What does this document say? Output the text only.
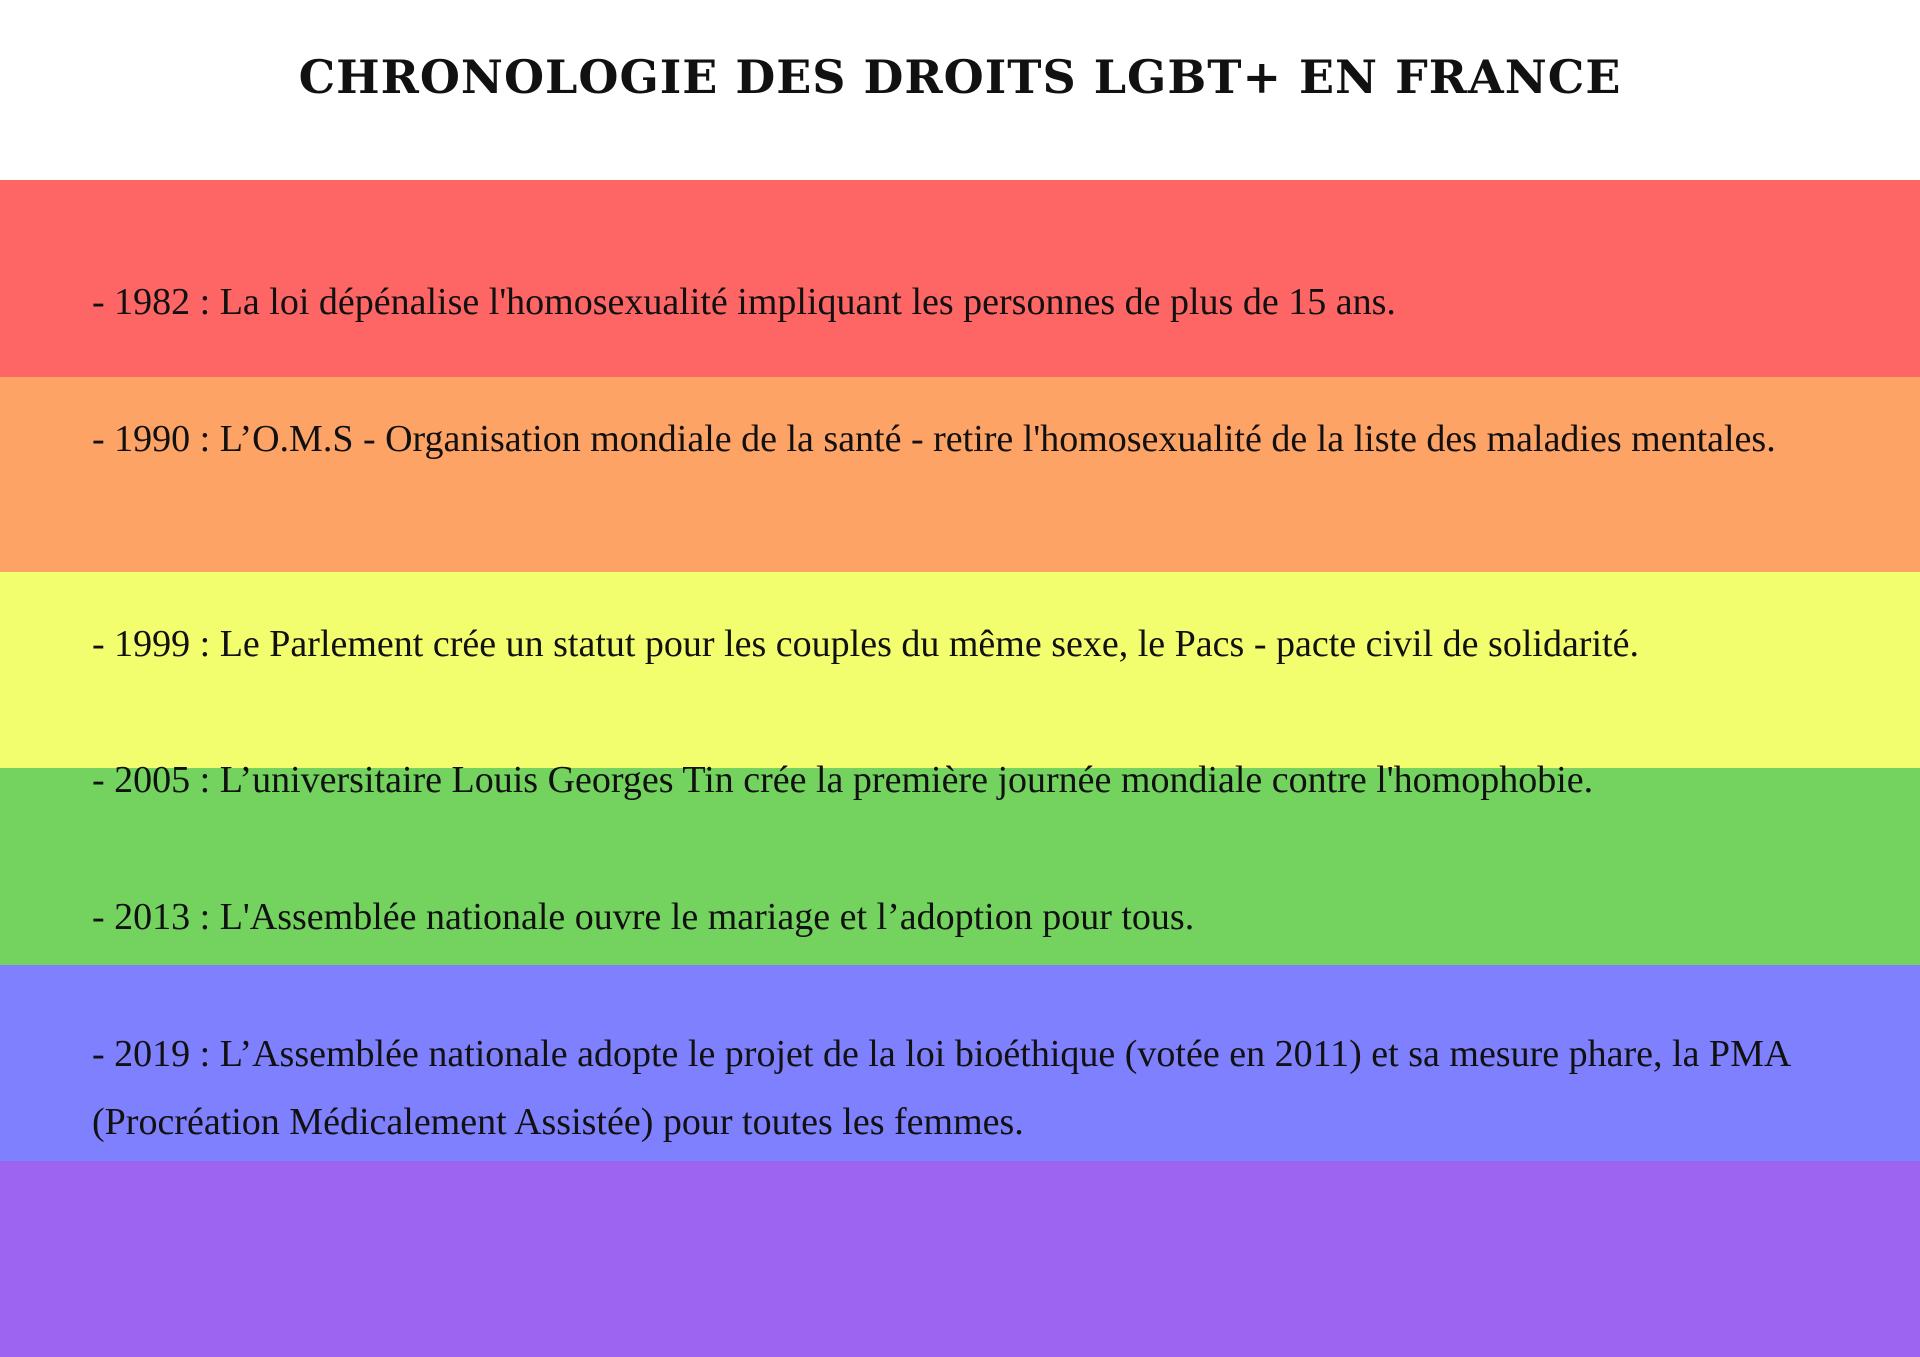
CHRONOLOGIE DES DROITS LGBT+ EN FRANCE
- 1982 : La loi dépénalise l'homosexualité impliquant les personnes de plus de 15 ans.
- 1990 : L’O.M.S - Organisation mondiale de la santé - retire l'homosexualité de la liste des maladies mentales.
- 1999 : Le Parlement crée un statut pour les couples du même sexe, le Pacs - pacte civil de solidarité.
- 2005 : L’universitaire Louis Georges Tin crée la première journée mondiale contre l'homophobie.
- 2013 : L'Assemblée nationale ouvre le mariage et l’adoption pour tous.
- 2019 : L’Assemblée nationale adopte le projet de la loi bioéthique (votée en 2011) et sa mesure phare, la PMA (Procréation Médicalement Assistée) pour toutes les femmes.
